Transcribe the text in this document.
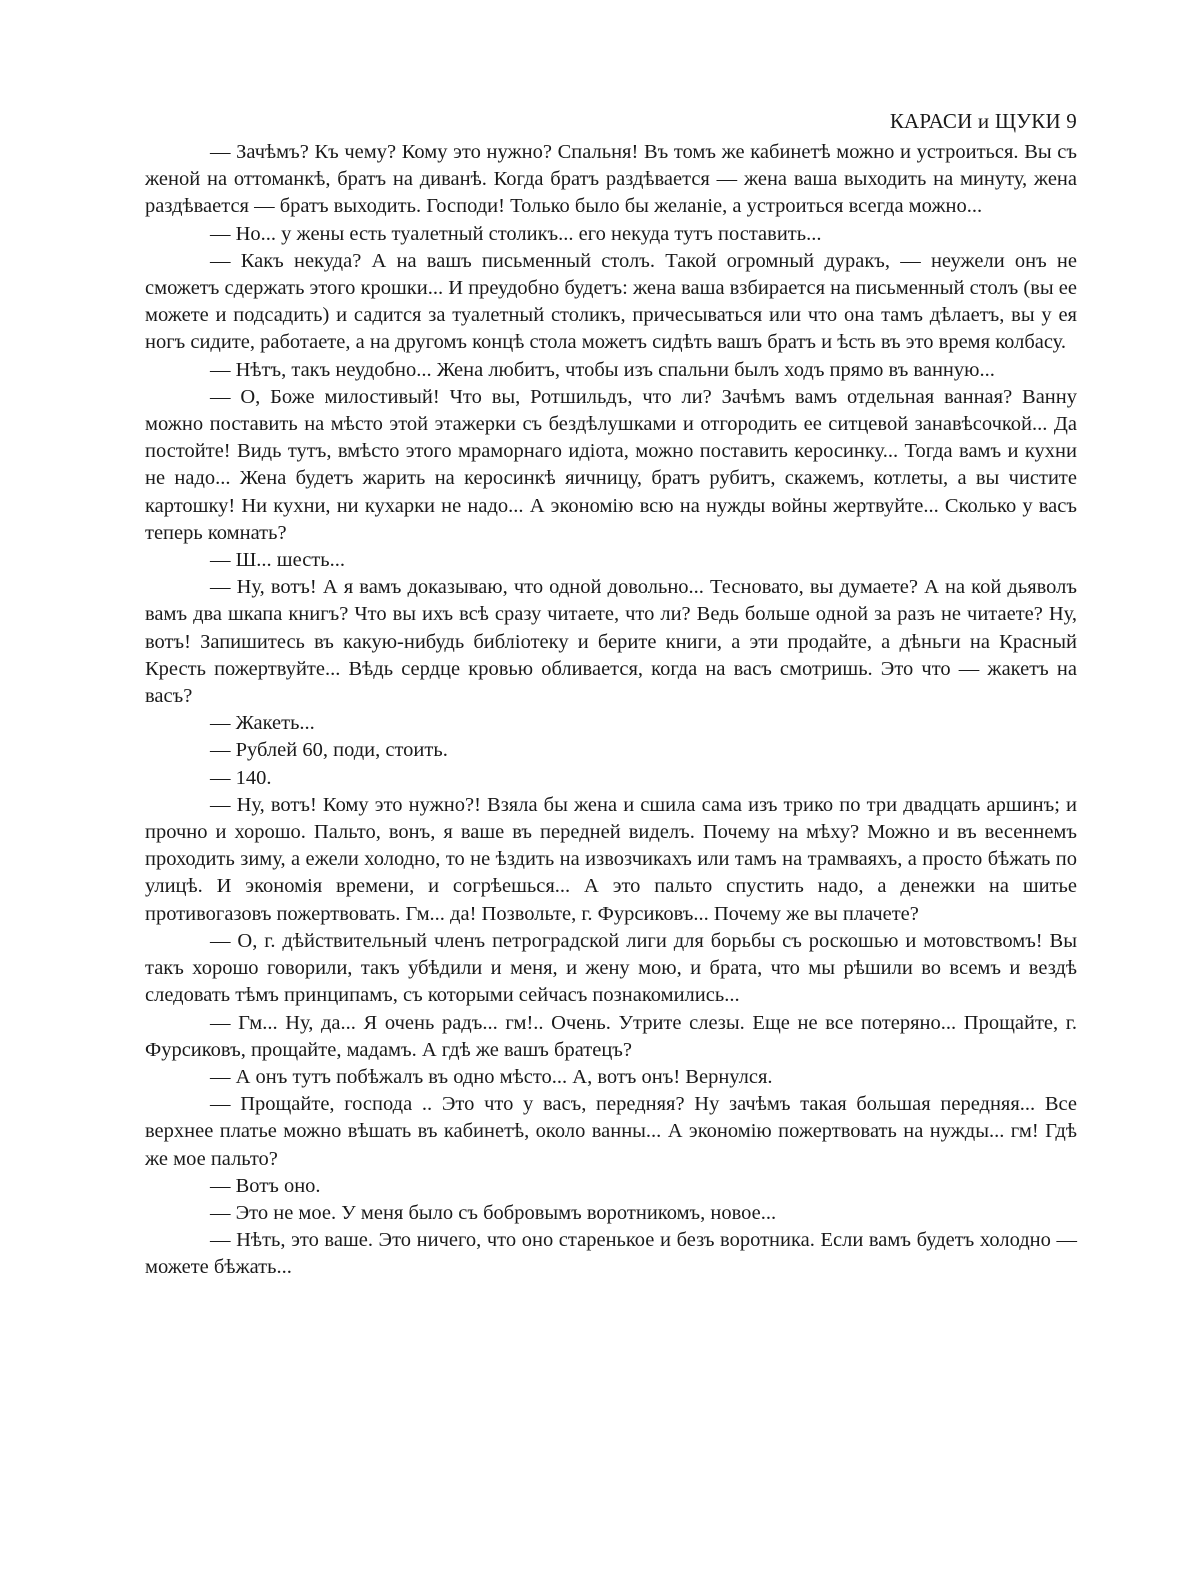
КАРАСИ и ЩУКИ 9

— Зачѣмъ? Къ чему? Кому это нужно? Спальня! Въ томъ же кабинетѣ можно и устроиться. Вы съ женой на оттоманкѣ, братъ на диванѣ. Когда братъ раздѣвается — жена ваша выходить на минуту, жена раздѣвается — братъ выходить. Господи! Только было бы желаніе, а устроиться всегда можно...

— Но... у жены есть туалетный столикъ... его некуда тутъ поставить...

— Какъ некуда? А на вашъ письменный столъ. Такой огромный дуракъ, — неужели онъ не сможетъ сдержать этого крошки... И преудобно будетъ: жена ваша взбирается на письменный столъ (вы ее можете и подсадить) и садится за туалетный столикъ, причесываться или что она тамъ дѣлаетъ, вы у ея ногъ сидите, работаете, а на другомъ концѣ стола можетъ сидѣть вашъ братъ и ѣсть въ это время колбасу.

— Нѣтъ, такъ неудобно... Жена любитъ, чтобы изъ спальни былъ ходъ прямо въ ванную...

— О, Боже милостивый! Что вы, Ротшильдъ, что ли? Зачѣмъ вамъ отдельная ванная? Ванну можно поставить на мѣсто этой этажерки съ бездѣлушками и отгородить ее ситцевой занавѣсочкой... Да постойте! Видь тутъ, вмѣсто этого мраморнаго идіота, можно поставить керосинку... Тогда вамъ и кухни не надо... Жена будетъ жарить на керосинкѣ яичницу, братъ рубитъ, скажемъ, котлеты, а вы чистите картошку! Ни кухни, ни кухарки не надо... А экономію всю на нужды войны жертвуйте... Сколько у васъ теперь комнать?

— Ш... шесть...

— Ну, вотъ! А я вамъ доказываю, что одной довольно... Тесновато, вы думаете? А на кой дьяволъ вамъ два шкапа книгъ? Что вы ихъ всѣ сразу читаете, что ли? Ведь больше одной за разъ не читаете? Ну, вотъ! Запишитесь въ какую-нибудь библіотеку и берите книги, а эти продайте, а дѣньги на Красный Кресть пожертвуйте... Вѣдь сердце кровью обливается, когда на васъ смотришь. Это что — жакетъ на васъ?

— Жакеть...

— Рублей 60, поди, стоить.

— 140.

— Ну, вотъ! Кому это нужно?! Взяла бы жена и сшила сама изъ трико по три двадцать аршинъ; и прочно и хорошо. Пальто, вонъ, я ваше въ передней виделъ. Почему на мѣху? Можно и въ весеннемъ проходить зиму, а ежели холодно, то не ѣздить на извозчикахъ или тамъ на трамваяхъ, а просто бѣжать по улицѣ. И экономія времени, и согрѣешься... А это пальто спустить надо, а денежки на шитье противогазовъ пожертвовать. Гм... да! Позвольте, г. Фурсиковъ... Почему же вы плачете?

— О, г. дѣйствительный членъ петроградской лиги для борьбы съ роскошью и мотовствомъ! Вы такъ хорошо говорили, такъ убѣдили и меня, и жену мою, и брата, что мы рѣшили во всемъ и вездѣ следовать тѣмъ принципамъ, съ которыми сейчасъ познакомились...

— Гм... Ну, да... Я очень радъ... гм!.. Очень. Утрите слезы. Еще не все потеряно... Прощайте, г. Фурсиковъ, прощайте, мадамъ. А гдѣ же вашъ братецъ?

— А онъ тутъ побѣжалъ въ одно мѣсто... А, вотъ онъ! Вернулся.

— Прощайте, господа .. Это что у васъ, передняя? Ну зачѣмъ такая большая передняя... Все верхнее платье можно вѣшать въ кабинетѣ, около ванны... А экономію пожертвовать на нужды... гм! Гдѣ же мое пальто?

— Вотъ оно.

— Это не мое. У меня было съ бобровымъ воротникомъ, новое...

— Нѣть, это ваше. Это ничего, что оно старенькое и безъ воротника. Если вамъ будетъ холодно — можете бѣжать...
